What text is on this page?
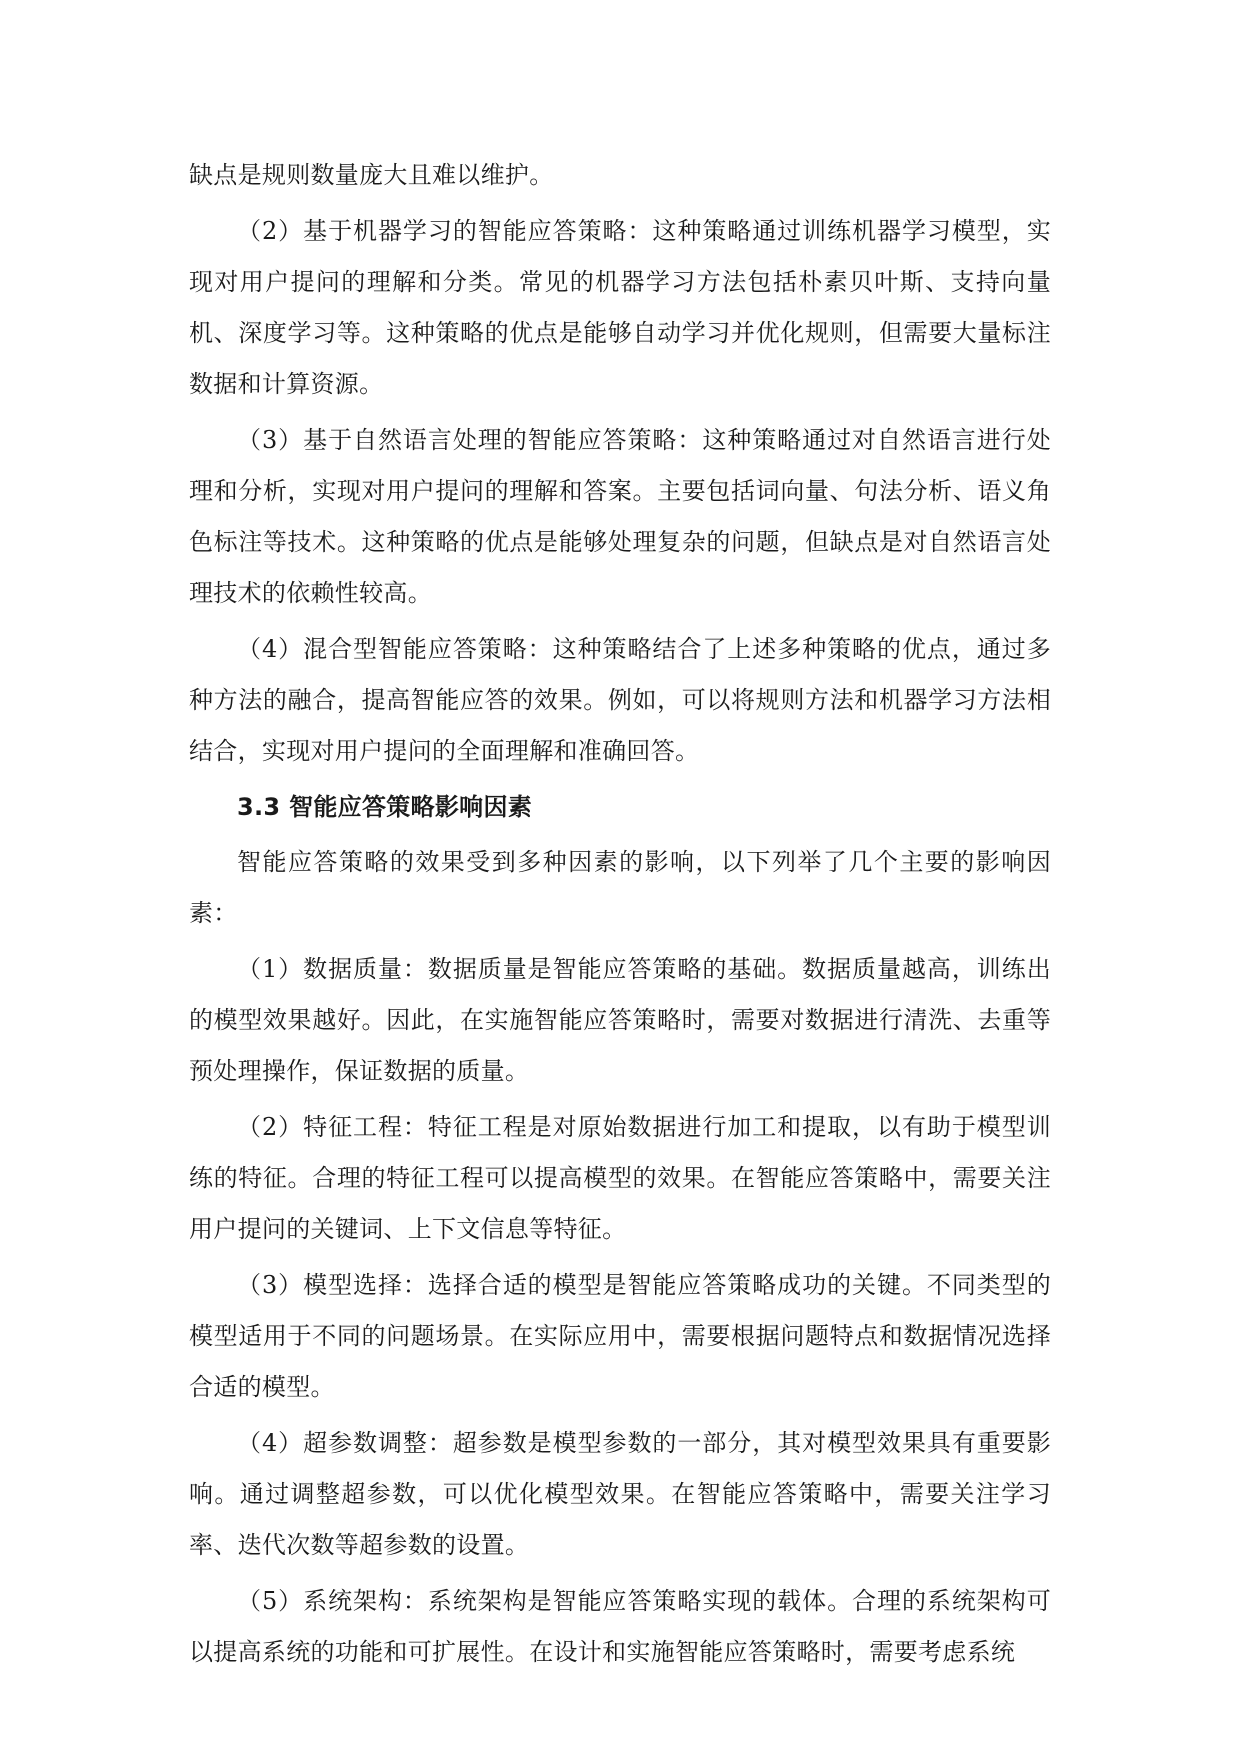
缺点是规则数量庞大且难以维护。

（2）基于机器学习的智能应答策略：这种策略通过训练机器学习模型，实现对用户提问的理解和分类。常见的机器学习方法包括朴素贝叶斯、支持向量机、深度学习等。这种策略的优点是能够自动学习并优化规则，但需要大量标注数据和计算资源。

（3）基于自然语言处理的智能应答策略：这种策略通过对自然语言进行处理和分析，实现对用户提问的理解和答案。主要包括词向量、句法分析、语义角色标注等技术。这种策略的优点是能够处理复杂的问题，但缺点是对自然语言处理技术的依赖性较高。

（4）混合型智能应答策略：这种策略结合了上述多种策略的优点，通过多种方法的融合，提高智能应答的效果。例如，可以将规则方法和机器学习方法相结合，实现对用户提问的全面理解和准确回答。

3.3 智能应答策略影响因素

智能应答策略的效果受到多种因素的影响，以下列举了几个主要的影响因素：

（1）数据质量：数据质量是智能应答策略的基础。数据质量越高，训练出的模型效果越好。因此，在实施智能应答策略时，需要对数据进行清洗、去重等预处理操作，保证数据的质量。

（2）特征工程：特征工程是对原始数据进行加工和提取，以有助于模型训练的特征。合理的特征工程可以提高模型的效果。在智能应答策略中，需要关注用户提问的关键词、上下文信息等特征。

（3）模型选择：选择合适的模型是智能应答策略成功的关键。不同类型的模型适用于不同的问题场景。在实际应用中，需要根据问题特点和数据情况选择合适的模型。

（4）超参数调整：超参数是模型参数的一部分，其对模型效果具有重要影响。通过调整超参数，可以优化模型效果。在智能应答策略中，需要关注学习率、迭代次数等超参数的设置。

（5）系统架构：系统架构是智能应答策略实现的载体。合理的系统架构可以提高系统的功能和可扩展性。在设计和实施智能应答策略时，需要考虑系统
